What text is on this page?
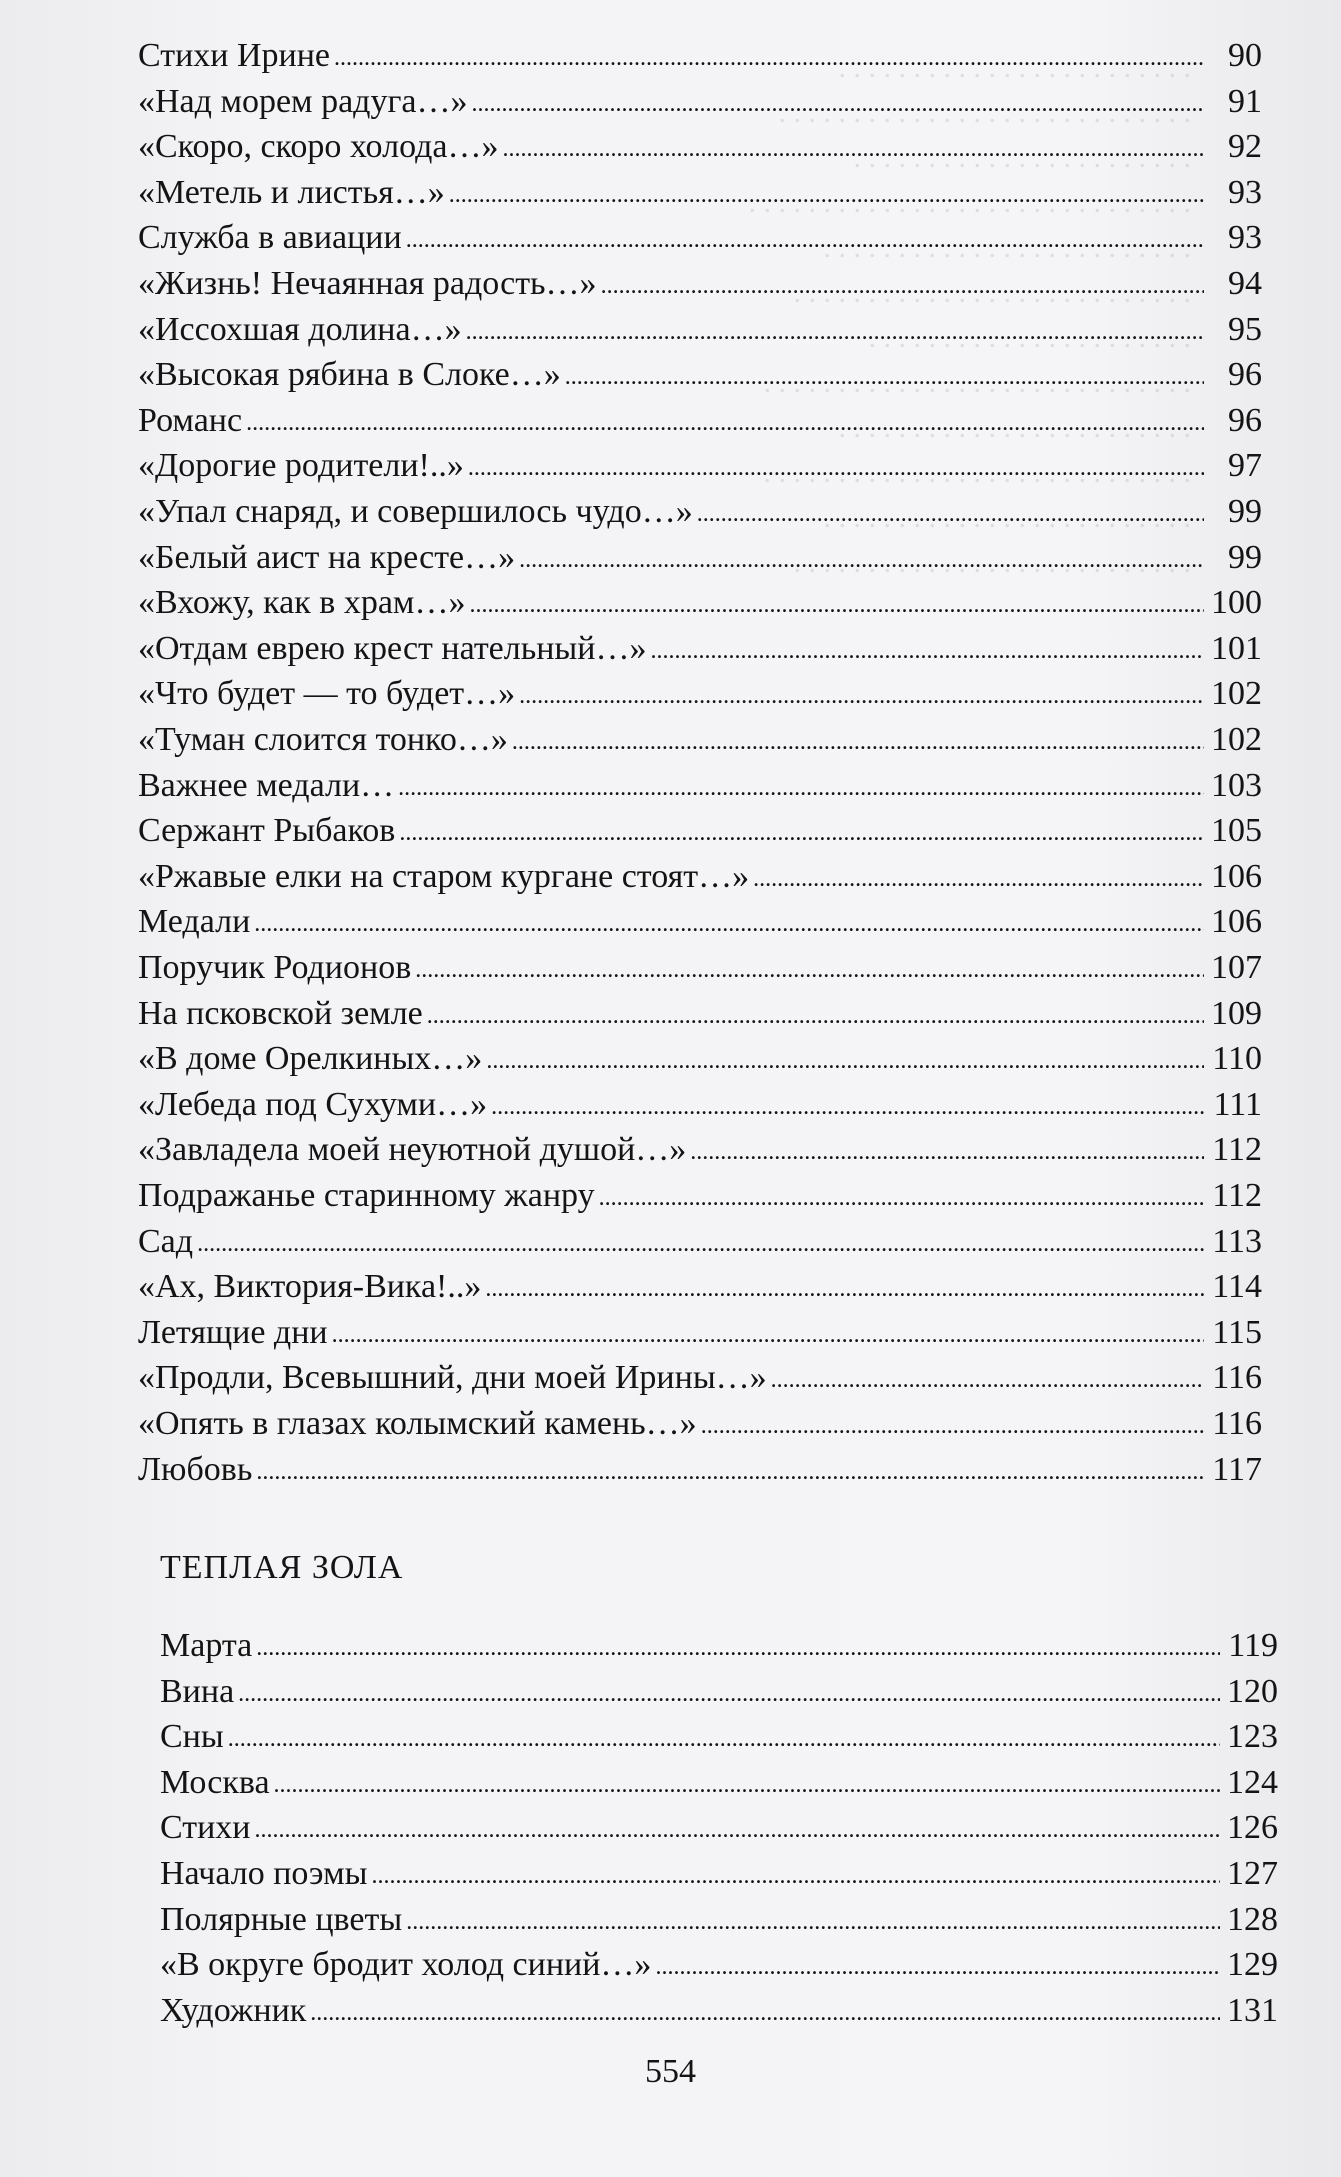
. . . . . . . . . . . . . . . . . . . . . . . .
. . . . . . . . . . . . . . . . . . . . . . . . . . . .
. . . . . . . . . . . . . . . . . . . . . . .
. . . . . . . . . . . . . . . . . . . . . . . . . . . . . .
. . . . . . . . . . . . . . . . . . . . . . . . .
. . . . . . . . . . . . . . . . . . . . . . . . . . .
. . . . . . . . . . . . . . . . . . . . . .
. . . . . . . . . . . . . . . . . . . . . . . . . . . . .
. . . . . . . . . . . . . . . . . . . . . . . .
. . . . . . . . . . . . . . . . . . . . . . . . . . . . .
. . . . . . . . . . . . . . . . . . . . . . . . .
. . . . . . . . . . . . . . . . . . . . . . . . . . .
Стихи Ирине . . .	90
«Над морем радуга…» . . .	91
«Скоро, скоро холода…» . . .	92
«Метель и листья…» . . .	93
Служба в авиации . . .	93
«Жизнь! Нечаянная радость…» . . .	94
«Иссохшая долина…» . . .	95
«Высокая рябина в Слоке…» . . .	96
Романс . . .	96
«Дорогие родители!..» . . .	97
«Упал снаряд, и совершилось чудо…» . . .	99
«Белый аист на кресте…» . . .	99
«Вхожу, как в храм…» . . .	100
«Отдам еврею крест нательный…» . . .	101
«Что будет — то будет…» . . .	102
«Туман слоится тонко…» . . .	102
Важнее медали… . . .	103
Сержант Рыбаков . . .	105
«Ржавые елки на старом кургане стоят…» . . .	106
Медали . . .	106
Поручик Родионов . . .	107
На псковской земле . . .	109
«В доме Орелкиных…» . . .	110
«Лебеда под Сухуми…» . . .	111
«Завладела моей неуютной душой…» . . .	112
Подражанье старинному жанру . . .	112
Сад . . .	113
«Ах, Виктория-Вика!..» . . .	114
Летящие дни . . .	115
«Продли, Всевышний, дни моей Ирины…» . . .	116
«Опять в глазах колымский камень…» . . .	116
Любовь . . .	117
ТЕПЛАЯ ЗОЛА
Марта . . .	119
Вина . . .	120
Сны . . .	123
Москва . . .	124
Стихи . . .	126
Начало поэмы . . .	127
Полярные цветы . . .	128
«В округе бродит холод синий…» . . .	129
Художник . . .	131
554
